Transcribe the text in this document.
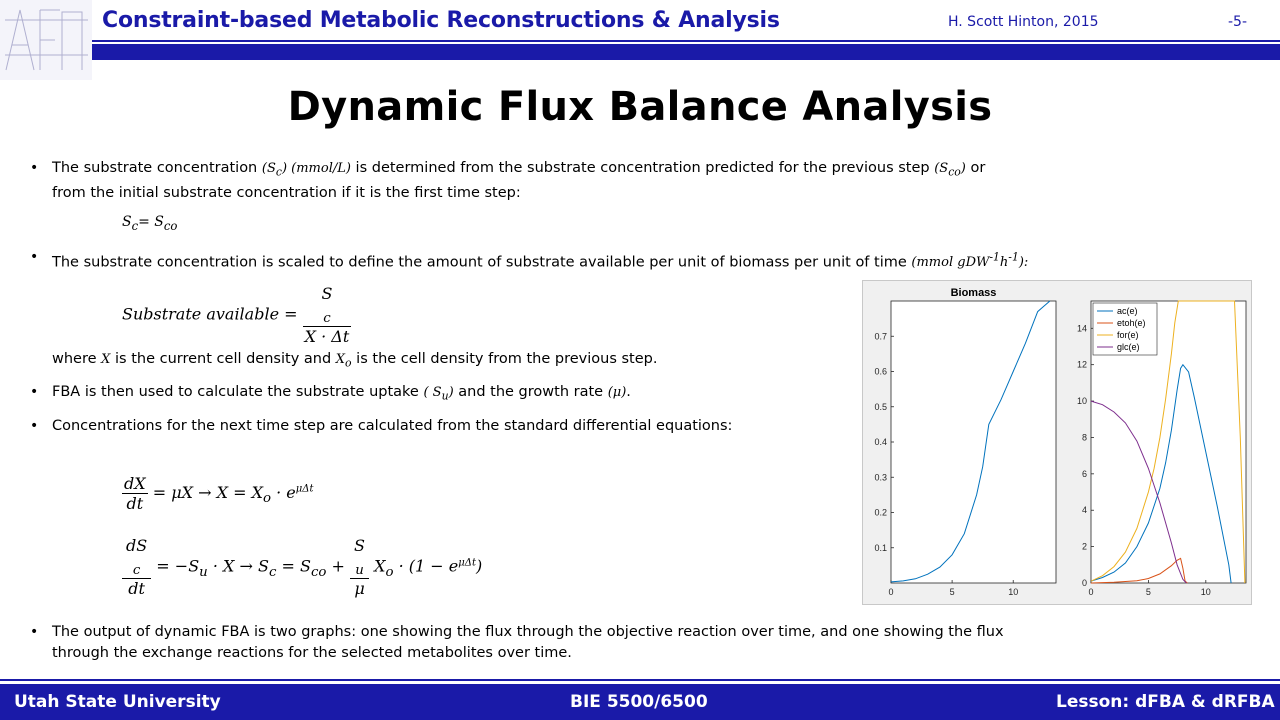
Constraint-based Metabolic Reconstructions & Analysis	H. Scott Hinton, 2015	-5-
Dynamic Flux Balance Analysis
• The substrate concentration $(S_c)$ (mmol/L) is determined from the substrate concentration predicted for the previous step $(S_{co})$ or
from the initial substrate concentration if it is the first time step:
$S_c= S_{co}$
• The substrate concentration is scaled to define the amount of substrate available per unit of biomass per unit of time (mmol $gDW^{-1}h^{-1}$):
Substrate available = S
$_c$
X · Δt
where X is the current cell density and $X_o$ is the cell density from the previous step.
• FBA is then used to calculate the substrate uptake ( $S_u$) and the growth rate (μ).
• Concentrations for the next time step are calculated from the standard differential equations:
$\frac{dX}{dt} = \mu X \to X = X_o \cdot e^{\mu\Delta t}$
dS
$_c$
dt = $-S_u \cdot X \to S_c = S_{co} + S$
$_u$
μ $X_o \cdot (1 - e^{\mu\Delta t})$
• The output of dynamic FBA is two graphs: one showing the flux through the objective reaction over time, and one showing the flux
through the exchange reactions for the selected metabolites over time.
Biomass
0	5	10
0.1
0.2
0.3
0.4
0.5
0.6
0.7
0	5	10
0
2
4
6
8
10
12
14
ac(e)
etoh(e)
for(e)
glc(e)
Utah State University	BIE 5500/6500	Lesson: dFBA & dRFBA
